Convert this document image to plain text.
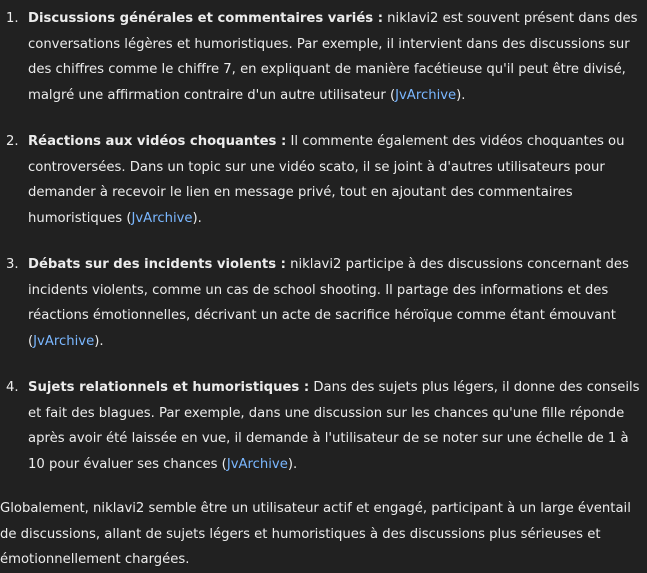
1. Discussions générales et commentaires variés : niklavi2 est souvent présent dans des conversations légères et humoristiques. Par exemple, il intervient dans des discussions sur des chiffres comme le chiffre 7, en expliquant de manière facétieuse qu'il peut être divisé, malgré une affirmation contraire d'un autre utilisateur (JvArchive).
2. Réactions aux vidéos choquantes : Il commente également des vidéos choquantes ou controversées. Dans un topic sur une vidéo scato, il se joint à d'autres utilisateurs pour demander à recevoir le lien en message privé, tout en ajoutant des commentaires humoristiques (JvArchive).
3. Débats sur des incidents violents : niklavi2 participe à des discussions concernant des incidents violents, comme un cas de school shooting. Il partage des informations et des réactions émotionnelles, décrivant un acte de sacrifice héroïque comme étant émouvant (JvArchive).
4. Sujets relationnels et humoristiques : Dans des sujets plus légers, il donne des conseils et fait des blagues. Par exemple, dans une discussion sur les chances qu'une fille réponde après avoir été laissée en vue, il demande à l'utilisateur de se noter sur une échelle de 1 à 10 pour évaluer ses chances (JvArchive).

Globalement, niklavi2 semble être un utilisateur actif et engagé, participant à un large éventail de discussions, allant de sujets légers et humoristiques à des discussions plus sérieuses et émotionnellement chargées.
